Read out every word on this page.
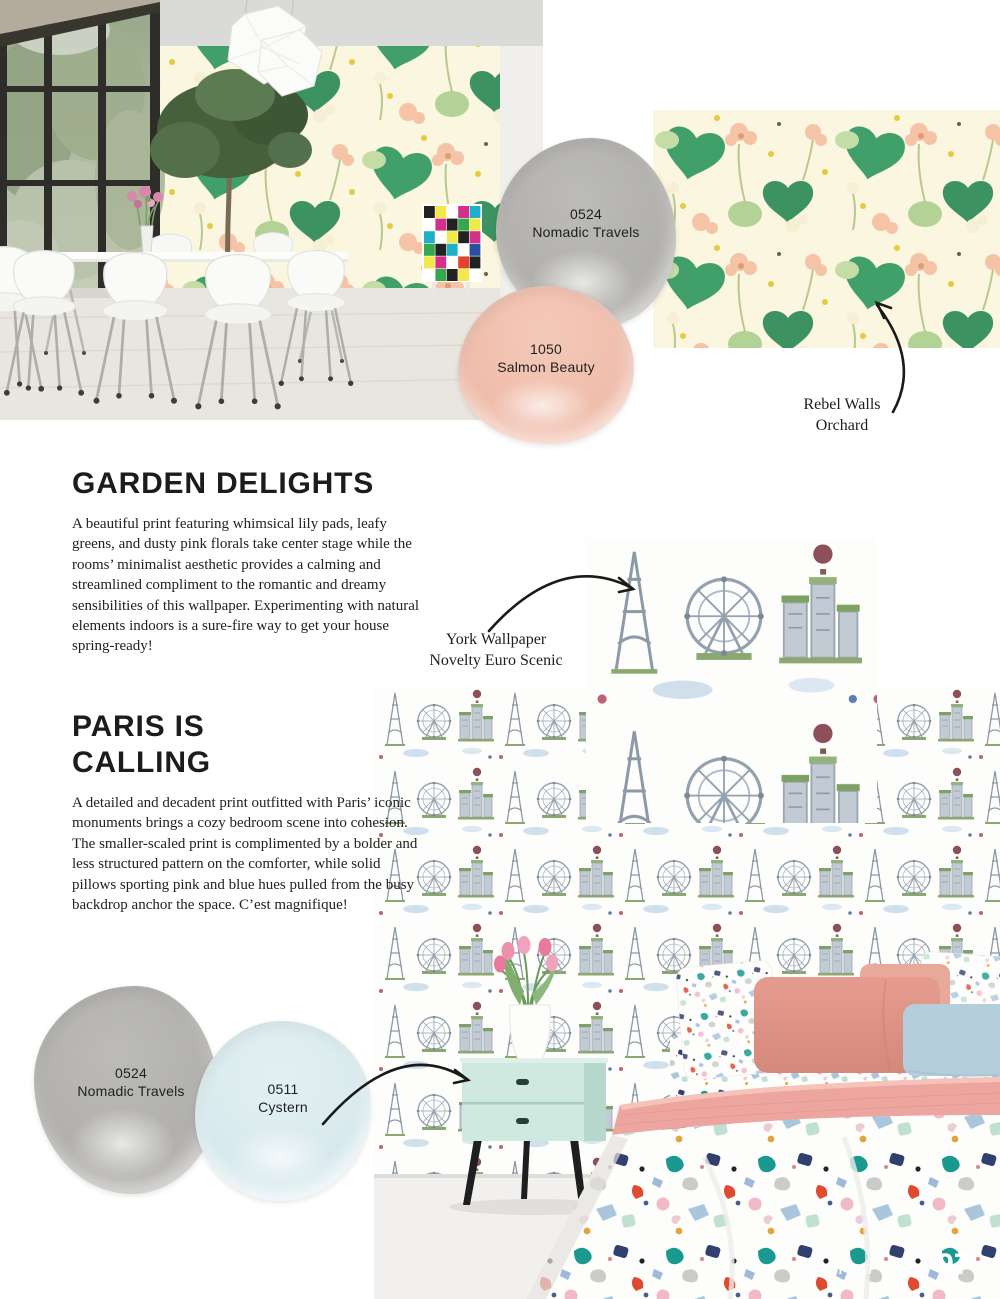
0524
Nomadic Travels
1050
Salmon Beauty
0524
Nomadic Travels	0511
Cystern
GARDEN DELIGHTS

A beautiful print featuring whimsical lily pads, leafy greens, and dusty pink florals take center stage while the rooms’ minimalist aesthetic provides a calming and streamlined compliment to the romantic and dreamy sensibilities of this wallpaper. Experimenting with natural elements indoors is a sure-fire way to get your house spring-ready!

PARIS IS
CALLING

A detailed and decadent print outfitted with Paris’ iconic monuments brings a cozy bedroom scene into cohesion. The smaller-scaled print is complimented by a bolder and less structured pattern on the comforter, while solid pillows sporting pink and blue hues pulled from the busy backdrop anchor the space. C’est magnifique!

Rebel Walls
Orchard
York Wallpaper
Novelty Euro Scenic
SPRING 2019 97
